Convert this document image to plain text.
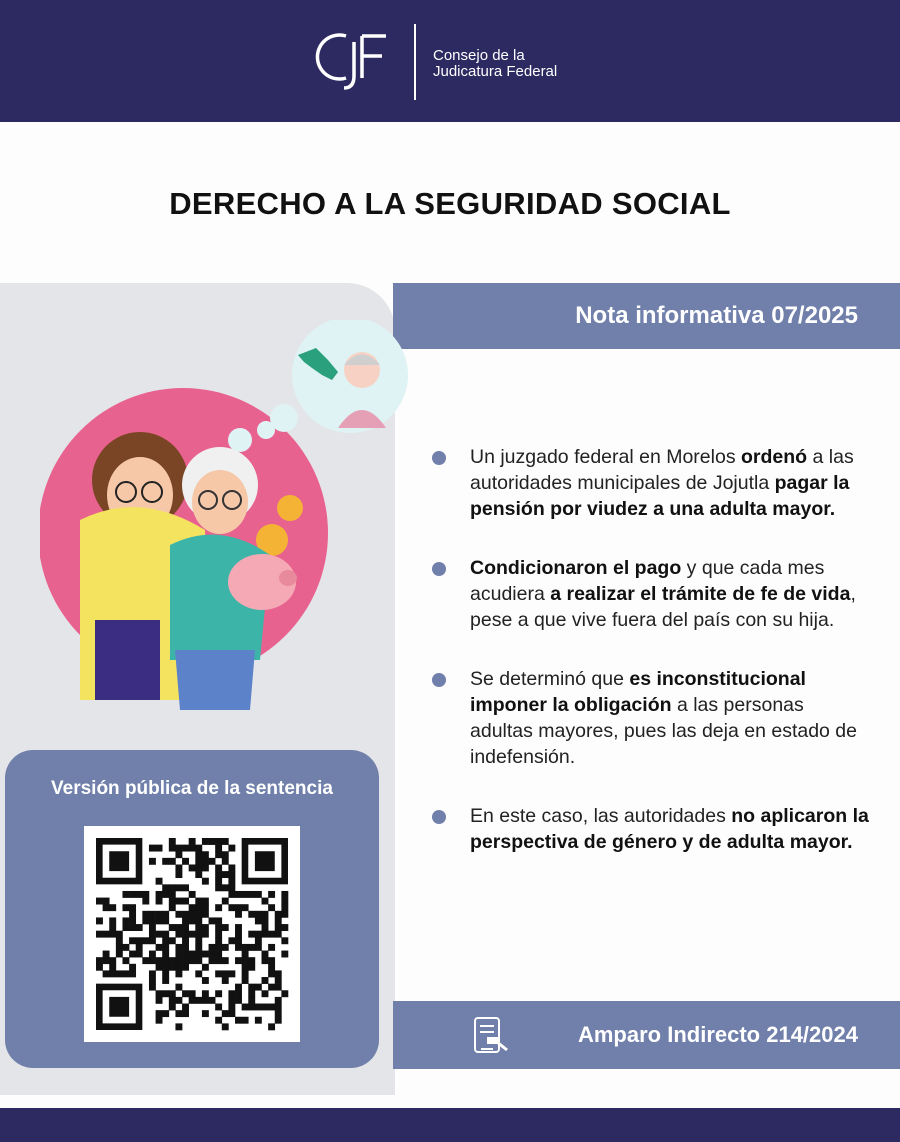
Consejo de la
Judicatura Federal
DERECHO A LA SEGURIDAD SOCIAL
Nota informativa 07/2025
Un juzgado federal en Morelos ordenó a las autoridades municipales de Jojutla pagar la pensión por viudez a una adulta mayor.
Condicionaron el pago y que cada mes acudiera a realizar el trámite de fe de vida, pese a que vive fuera del país con su hija.
Se determinó que es inconstitucional imponer la obligación a las personas adultas mayores, pues las deja en estado de indefensión.
En este caso, las autoridades no aplicaron la perspectiva de género y de adulta mayor.
Versión pública de la sentencia
Amparo Indirecto 214/2024
